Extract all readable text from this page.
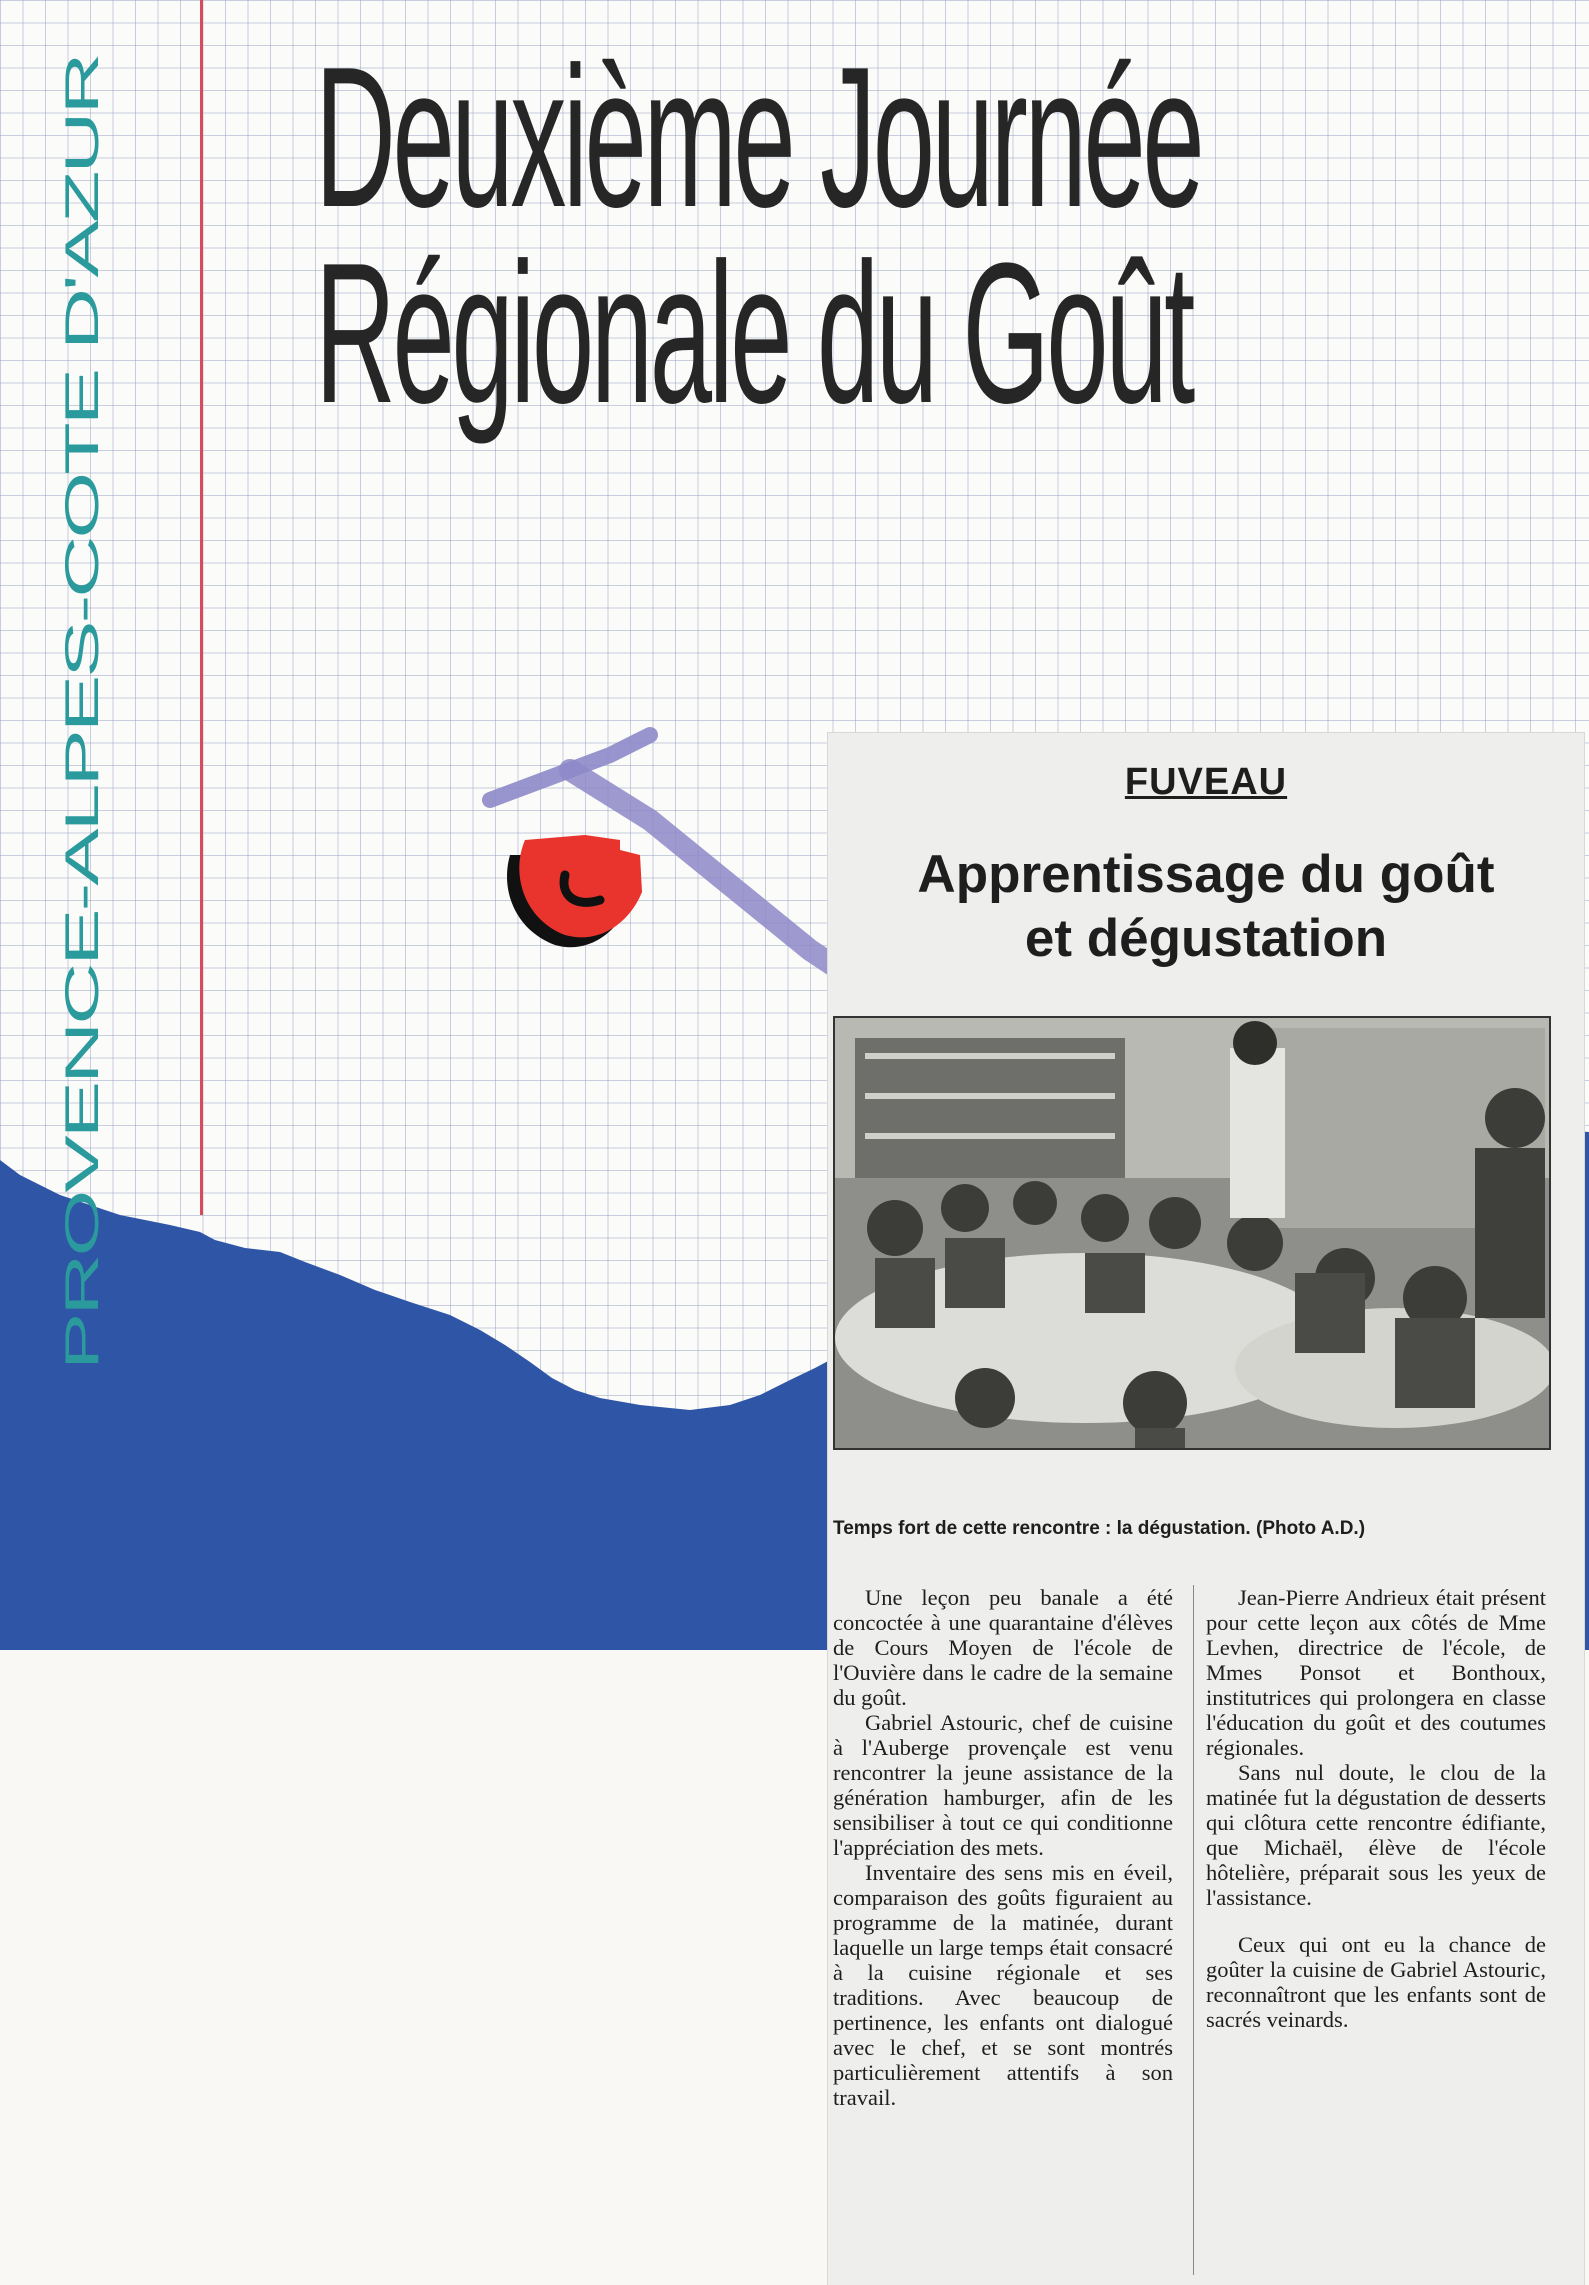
PROVENCE-ALPES-COTE D'AZUR Deuxième Journée
Régionale du Goût
FUVEAU
Apprentissage du goût
et dégustation
Temps fort de cette rencontre : la dégustation. (Photo A.D.)

Une leçon peu banale a été concoctée à une quarantaine d'élèves de Cours Moyen de l'école de l'Ouvière dans le cadre de la semaine du goût.

Gabriel Astouric, chef de cuisine à l'Auberge provençale est venu rencontrer la jeune assistance de la génération hamburger, afin de les sensibiliser à tout ce qui conditionne l'appréciation des mets.

Inventaire des sens mis en éveil, comparaison des goûts figuraient au programme de la matinée, durant laquelle un large temps était consacré à la cuisine régionale et ses traditions. Avec beaucoup de pertinence, les enfants ont dialogué avec le chef, et se sont montrés particulièrement attentifs à son travail.

Jean-Pierre Andrieux était présent pour cette leçon aux côtés de Mme Levhen, directrice de l'école, de Mmes Ponsot et Bonthoux, institutrices qui prolongera en classe l'éducation du goût et des coutumes régionales.

Sans nul doute, le clou de la matinée fut la dégustation de desserts qui clôtura cette rencontre édifiante, que Michaël, élève de l'école hôtelière, préparait sous les yeux de l'assistance.

Ceux qui ont eu la chance de goûter la cuisine de Gabriel Astouric, reconnaîtront que les enfants sont de sacrés veinards.
